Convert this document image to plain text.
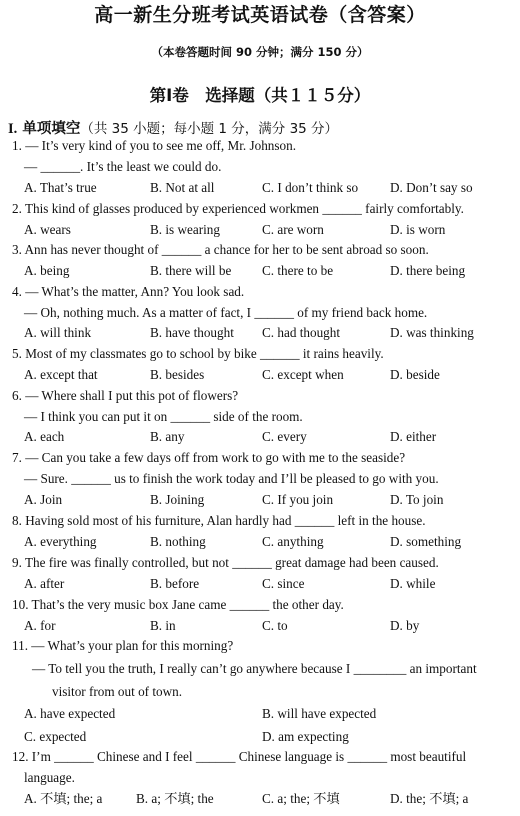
高一新生分班考试英语试卷（含答案）
（本卷答题时间 90 分钟；满分 150 分）
第Ⅰ卷　选择题（共１１５分）
I. 单项填空（共 35 小题；每小题 1 分，满分 35 分）
1. — It’s very kind of you to see me off, Mr. Johnson.
— ______. It’s the least we could do.
A. That’s true	B. Not at all	C. I don’t think so D. Don’t say so
2. This kind of glasses produced by experienced workmen ______ fairly comfortably.
A. wears	B. is wearing	C. are worn	D. is worn
3. Ann has never thought of ______ a chance for her to be sent abroad so soon.
A. being	B. there will be C. there to be	D. there being
4. — What’s the matter, Ann? You look sad.
— Oh, nothing much. As a matter of fact, I ______ of my friend back home.
A. will think	B. have thought C. had thought	D. was thinking
5. Most of my classmates go to school by bike ______ it rains heavily.
A. except that	B. besides	C. except when	D. beside
6. — Where shall I put this pot of flowers?
— I think you can put it on ______ side of the room.
A. each	B. any	C. every	D. either
7. — Can you take a few days off from work to go with me to the seaside?
— Sure. ______ us to finish the work today and I’ll be pleased to go with you.
A. Join	B. Joining	C. If you join	D. To join
8. Having sold most of his furniture, Alan hardly had ______ left in the house.
A. everything	B. nothing	C. anything	D. something
9. The fire was finally controlled, but not ______ great damage had been caused.
A. after	B. before	C. since	D. while
10. That’s the very music box Jane came ______ the other day.
A. for	B. in	C. to	D. by
11. — What’s your plan for this morning?
— To tell you the truth, I really can’t go anywhere because I ________ an important
visitor from out of town.
A. have expected	B. will have expected
C. expected	D. am expecting
12. I’m ______ Chinese and I feel ______ Chinese language is ______ most beautiful
language.
A. 不填; the; a	B. a; 不填; the	C. a; the; 不填	D. the; 不填; a
